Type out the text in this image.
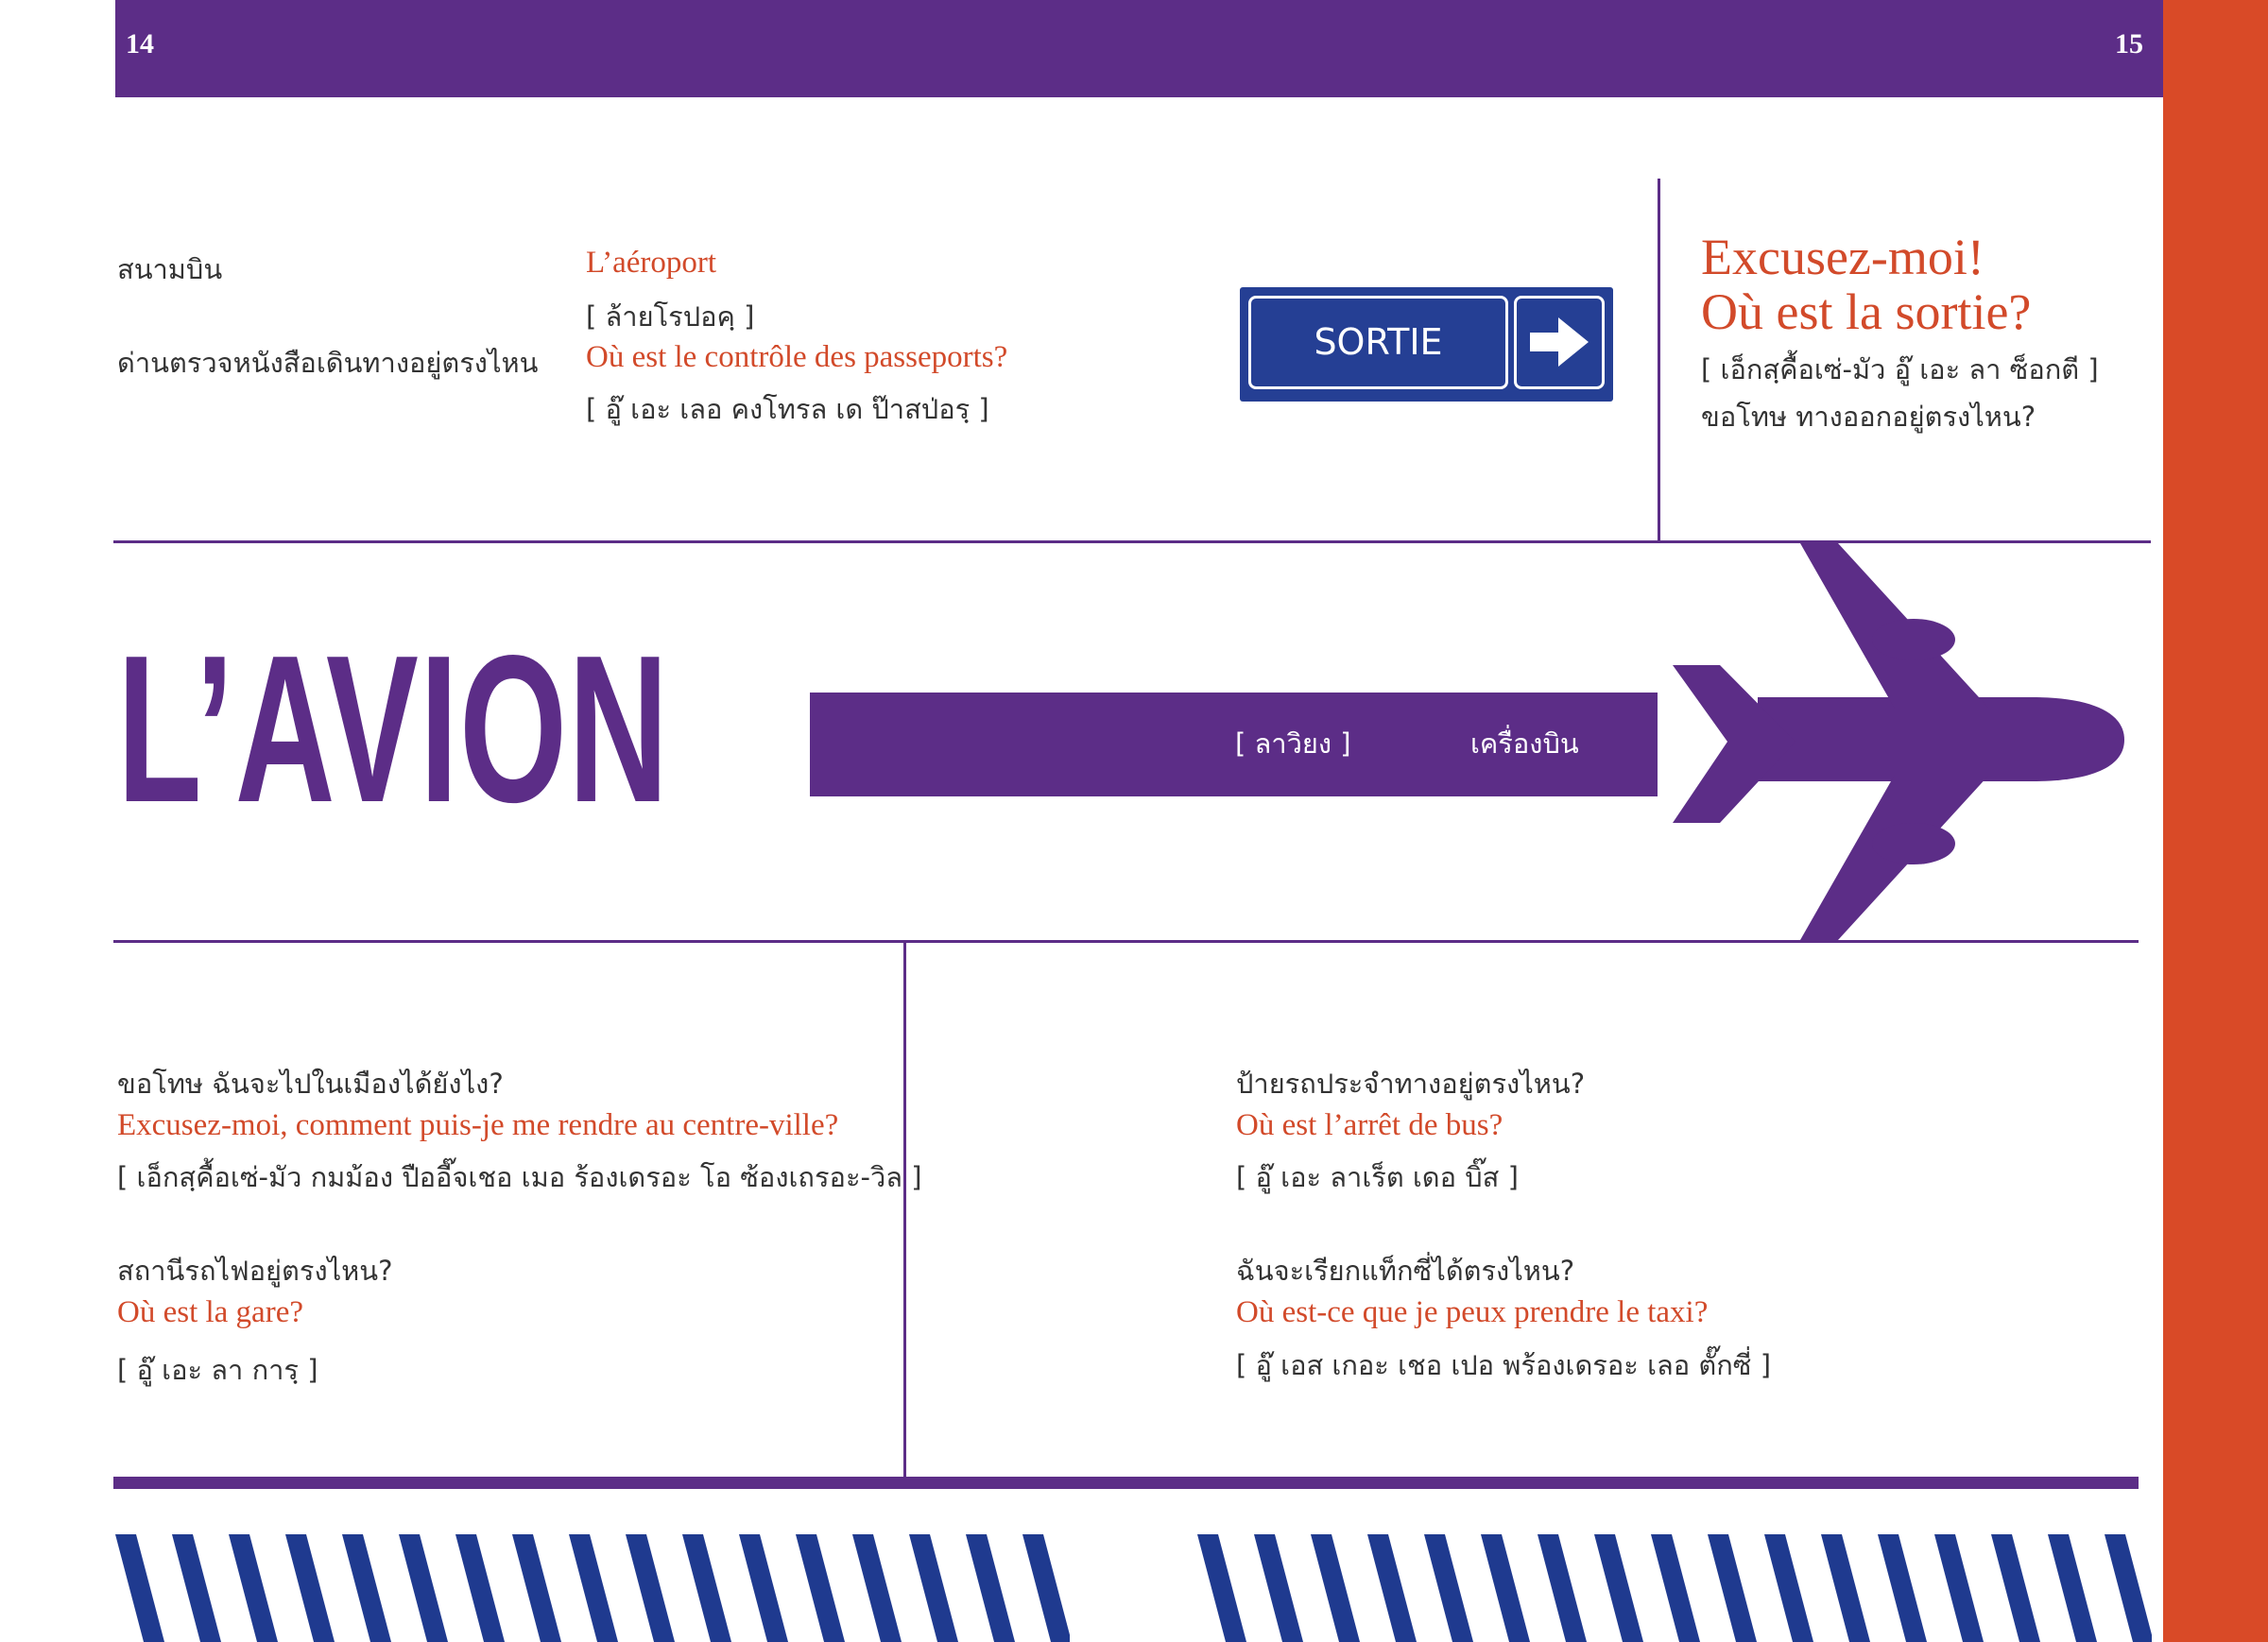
14	15
สนามบิน	L’aéroport
[ ล้ายโรปอคฺ ]
ด่านตรวจหนังสือเดินทางอยู่ตรงไหน Où est le contrôle des passeports?
[ อู๊ เอะ เลอ คงโทรล เด ป๊าสป่อรฺ ]
SORTIE
Excusez-moi!
Où est la sortie?
[ เอ็กสฺคื้อเซ่-มัว อู๊ เอะ ลา ซ็อกตี ]
ขอโทษ ทางออกอยู่ตรงไหน?
L’AVION	[ ลาวิยง ]	เครื่องบิน
ขอโทษ ฉันจะไปในเมืองได้ยังไง?
Excusez-moi, comment puis-je me rendre au centre-ville?
[ เอ็กสฺคื้อเซ่-มัว กมม้อง ปืออี๊จเชอ เมอ ร้องเดรอะ โอ ซ้องเถรอะ-วิล ]
สถานีรถไฟอยู่ตรงไหน?
Où est la gare?
[ อู๊ เอะ ลา การฺ ]
ป้ายรถประจำทางอยู่ตรงไหน?
Où est l’arrêt de bus?
[ อู๊ เอะ ลาเร็ต เดอ บิ๊ส ]
ฉันจะเรียกแท็กซี่ได้ตรงไหน?
Où est-ce que je peux prendre le taxi?
[ อู๊ เอส เกอะ เชอ เปอ พร้องเดรอะ เลอ ตั๊กซี่ ]
